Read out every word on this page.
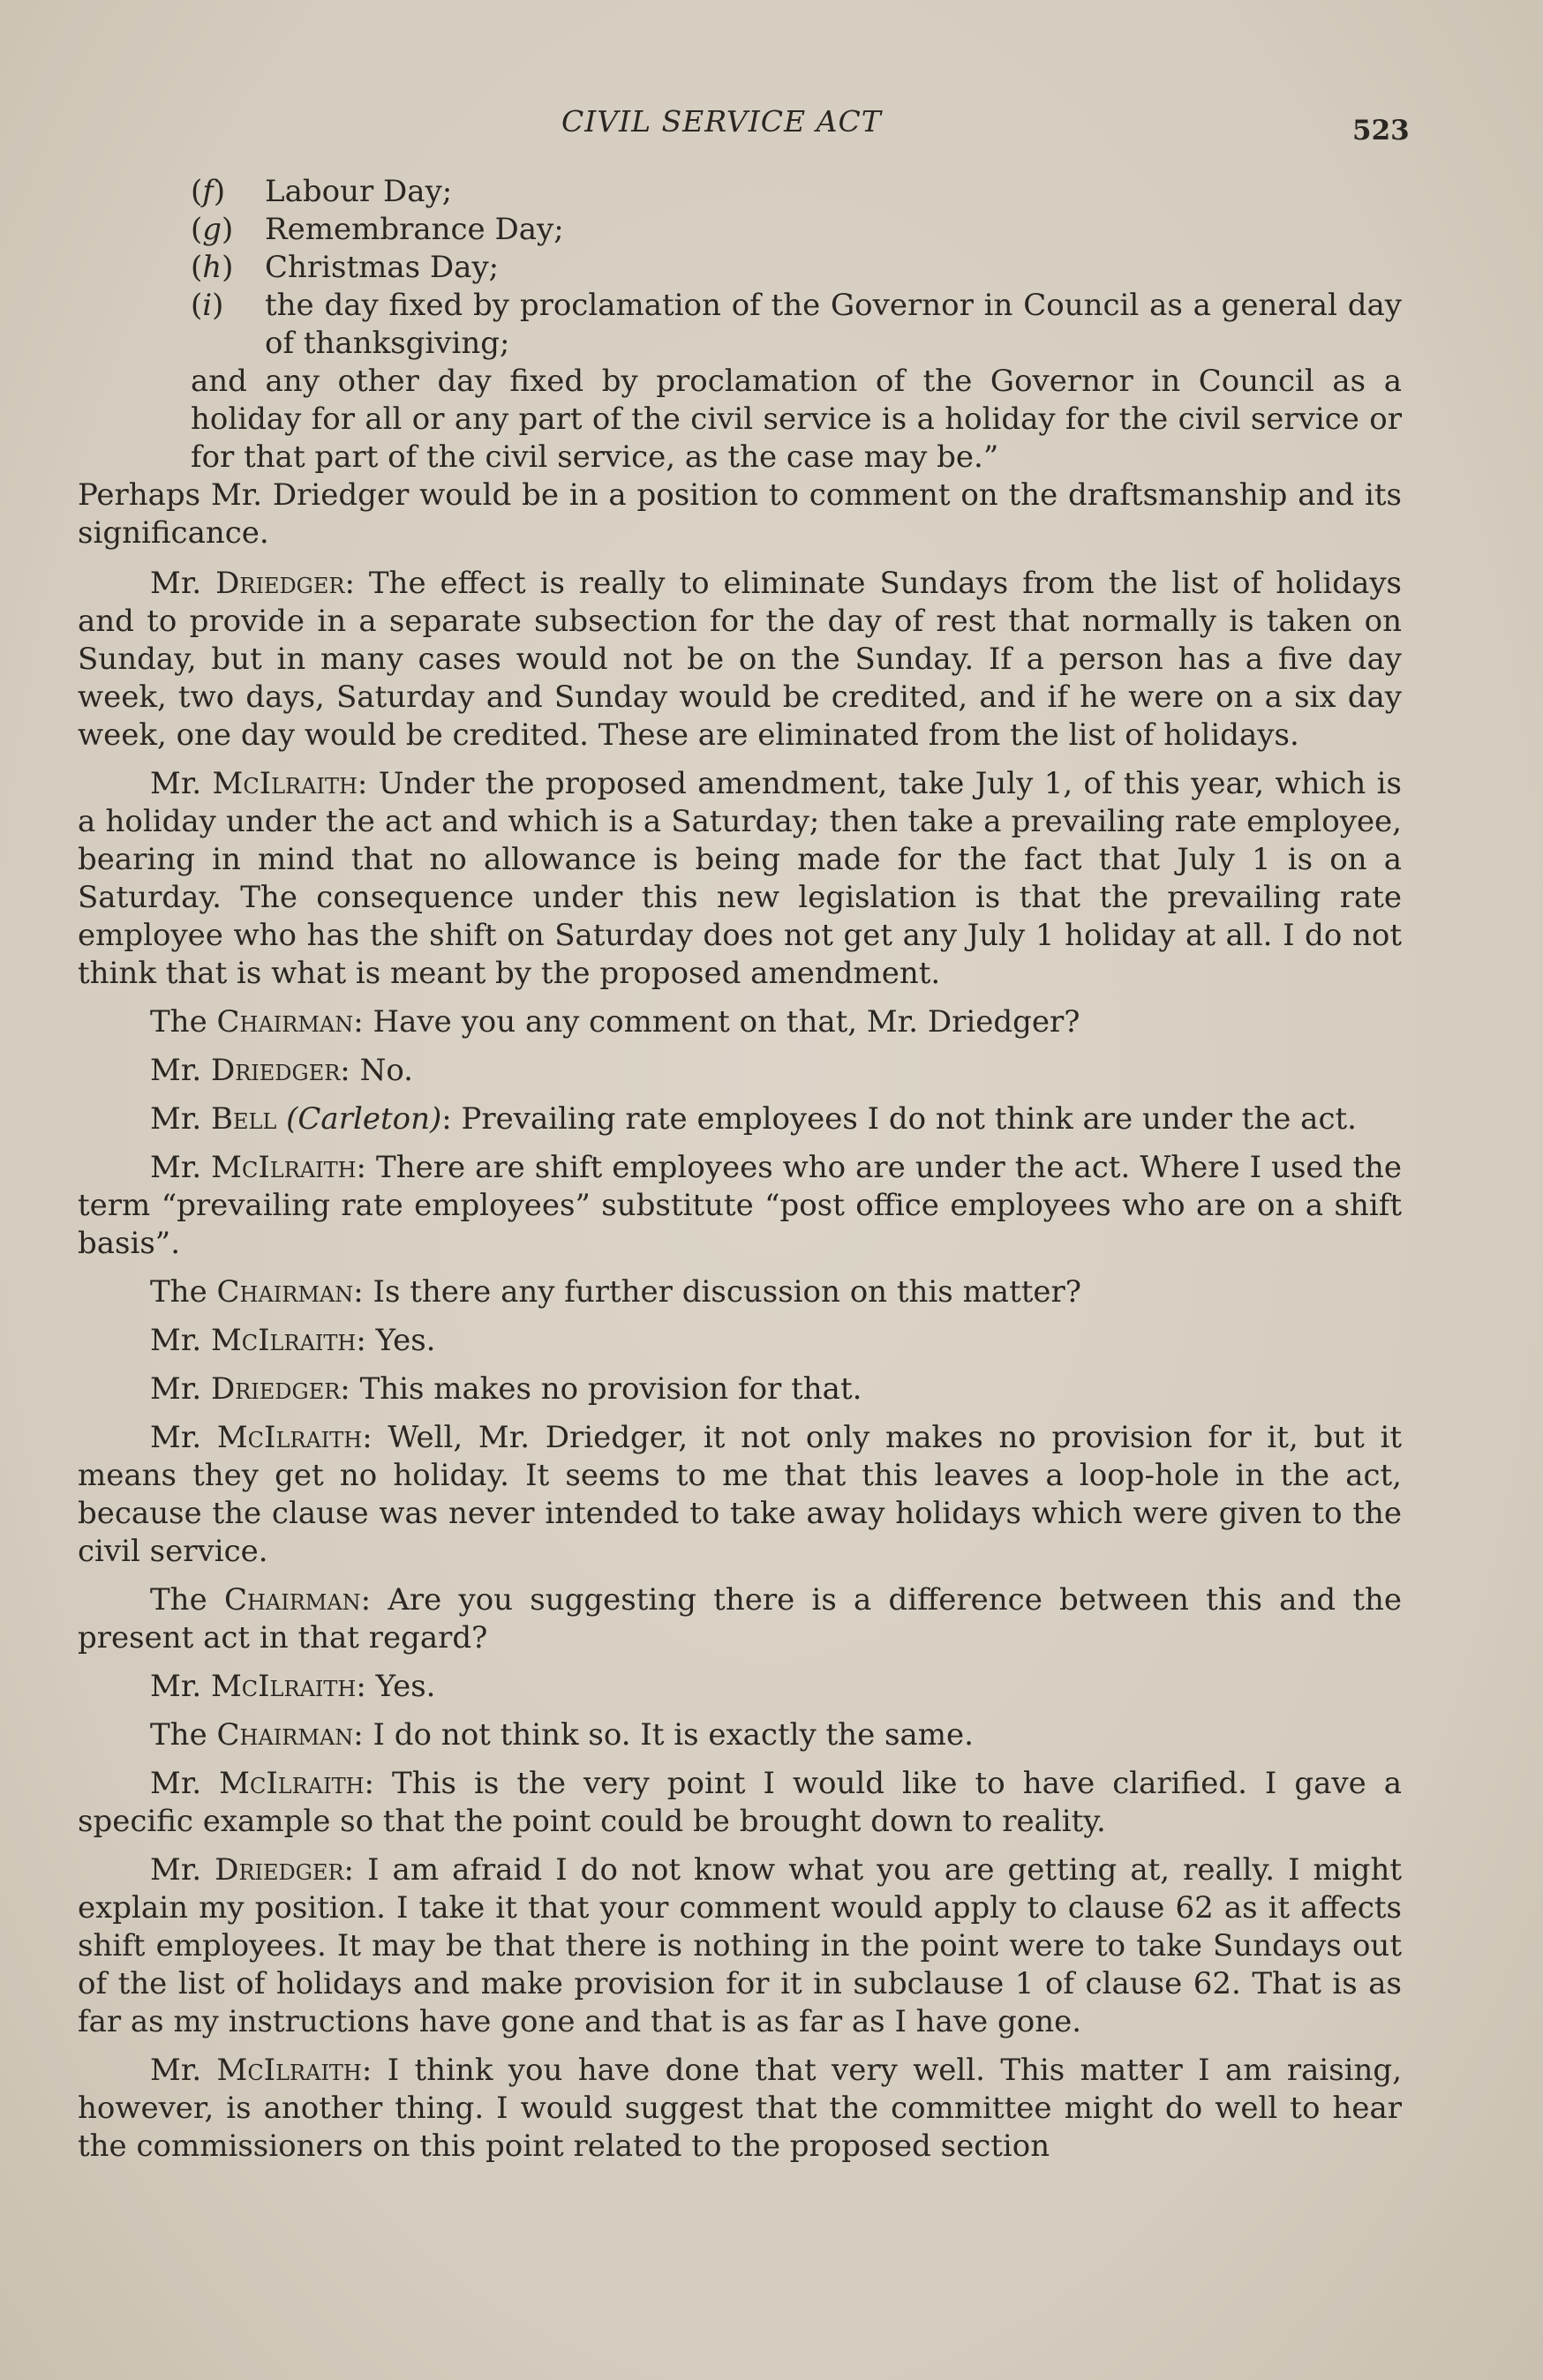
CIVIL SERVICE ACT	523
(f)	Labour Day;
(g)	Remembrance Day;
(h)	Christmas Day;
(i)	the day fixed by proclamation of the Governor in Council as a general day of thanksgiving;

and any other day fixed by proclamation of the Governor in Council as a holiday for all or any part of the civil service is a holiday for the civil service or for that part of the civil service, as the case may be.”

Perhaps Mr. Driedger would be in a position to comment on the draftsmanship and its significance.

Mr. Driedger: The effect is really to eliminate Sundays from the list of holidays and to provide in a separate subsection for the day of rest that normally is taken on Sunday, but in many cases would not be on the Sunday. If a person has a five day week, two days, Saturday and Sunday would be credited, and if he were on a six day week, one day would be credited. These are eliminated from the list of holidays.

Mr. McIlraith: Under the proposed amendment, take July 1, of this year, which is a holiday under the act and which is a Saturday; then take a prevailing rate employee, bearing in mind that no allowance is being made for the fact that July 1 is on a Saturday. The consequence under this new legislation is that the prevailing rate employee who has the shift on Saturday does not get any July 1 holiday at all. I do not think that is what is meant by the proposed amendment.

The Chairman: Have you any comment on that, Mr. Driedger?

Mr. Driedger: No.

Mr. Bell (Carleton): Prevailing rate employees I do not think are under the act.

Mr. McIlraith: There are shift employees who are under the act. Where I used the term “prevailing rate employees” substitute “post office employees who are on a shift basis”.

The Chairman: Is there any further discussion on this matter?

Mr. McIlraith: Yes.

Mr. Driedger: This makes no provision for that.

Mr. McIlraith: Well, Mr. Driedger, it not only makes no provision for it, but it means they get no holiday. It seems to me that this leaves a loop-hole in the act, because the clause was never intended to take away holidays which were given to the civil service.

The Chairman: Are you suggesting there is a difference between this and the present act in that regard?

Mr. McIlraith: Yes.

The Chairman: I do not think so. It is exactly the same.

Mr. McIlraith: This is the very point I would like to have clarified. I gave a specific example so that the point could be brought down to reality.

Mr. Driedger: I am afraid I do not know what you are getting at, really. I might explain my position. I take it that your comment would apply to clause 62 as it affects shift employees. It may be that there is nothing in the point were to take Sundays out of the list of holidays and make provision for it in subclause 1 of clause 62. That is as far as my instructions have gone and that is as far as I have gone.

Mr. McIlraith: I think you have done that very well. This matter I am raising, however, is another thing. I would suggest that the committee might do well to hear the commissioners on this point related to the proposed section
